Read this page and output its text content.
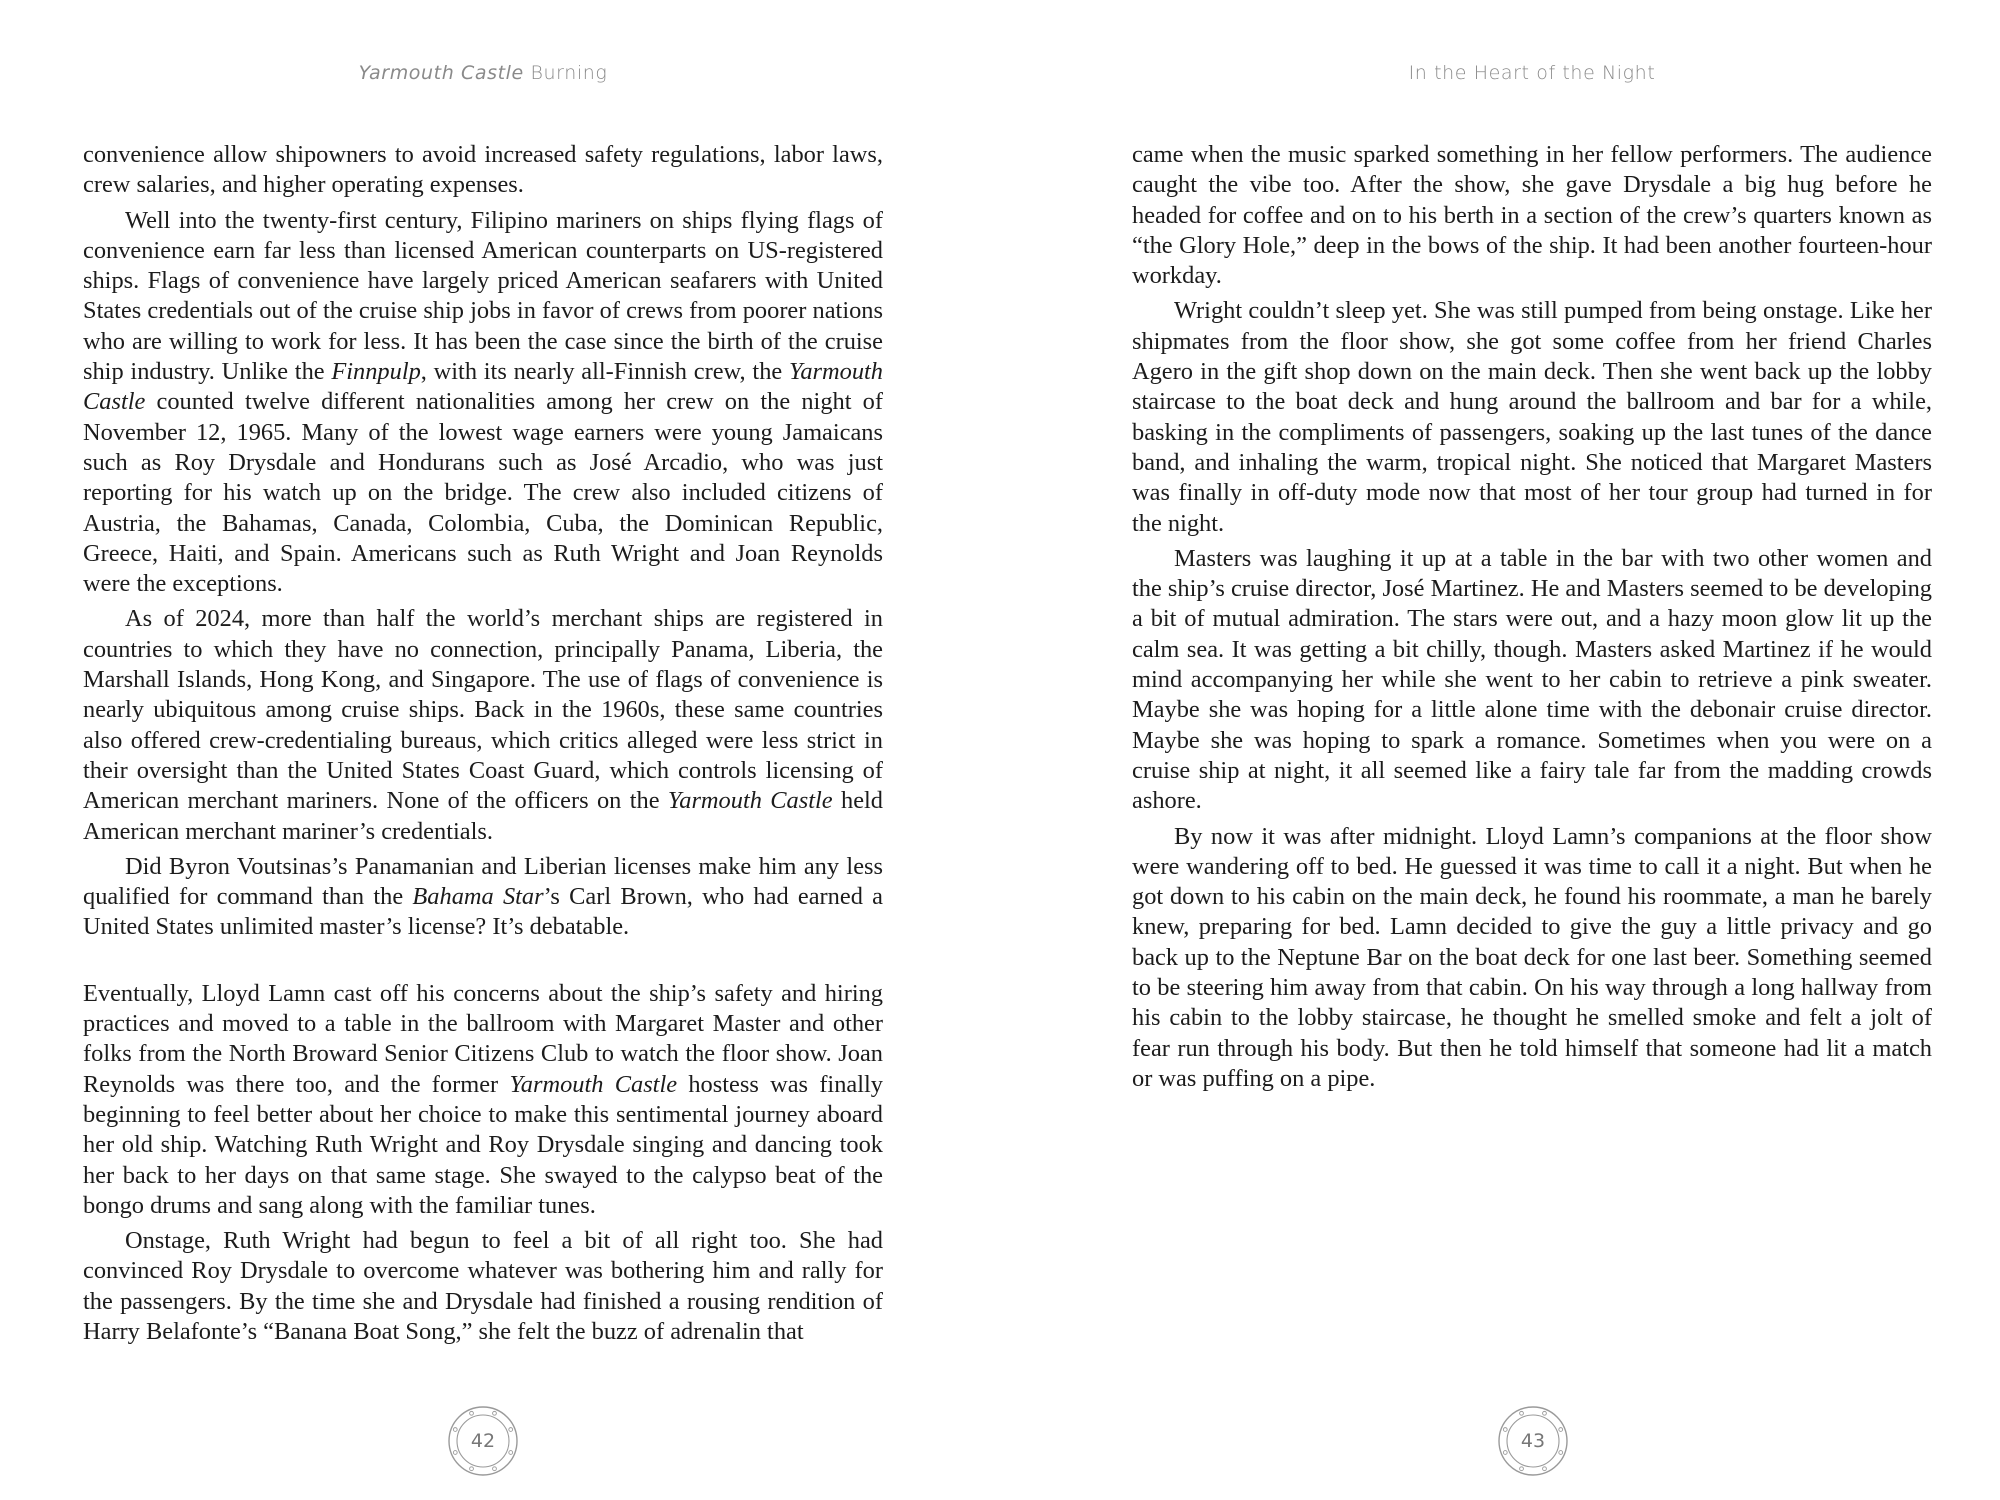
Yarmouth Castle Burning

convenience allow shipowners to avoid increased safety regulations, labor laws, crew salaries, and higher operating expenses.

Well into the twenty-first century, Filipino mariners on ships flying flags of convenience earn far less than licensed American counterparts on US-registered ships. Flags of convenience have largely priced American seafarers with United States credentials out of the cruise ship jobs in favor of crews from poorer nations who are willing to work for less. It has been the case since the birth of the cruise ship industry. Unlike the Finnpulp, with its nearly all-Finnish crew, the Yarmouth Castle counted twelve different nationalities among her crew on the night of November 12, 1965. Many of the lowest wage earners were young Jamaicans such as Roy Drysdale and Hondurans such as José Arcadio, who was just reporting for his watch up on the bridge. The crew also included citizens of Austria, the Bahamas, Canada, Colombia, Cuba, the Dominican Republic, Greece, Haiti, and Spain. Americans such as Ruth Wright and Joan Reynolds were the exceptions.

As of 2024, more than half the world’s merchant ships are registered in countries to which they have no connection, principally Panama, Liberia, the Marshall Islands, Hong Kong, and Singapore. The use of flags of convenience is nearly ubiquitous among cruise ships. Back in the 1960s, these same countries also offered crew-credentialing bureaus, which critics alleged were less strict in their oversight than the United States Coast Guard, which controls licensing of American merchant mariners. None of the officers on the Yarmouth Castle held American merchant mariner’s credentials.

Did Byron Voutsinas’s Panamanian and Liberian licenses make him any less qualified for command than the Bahama Star’s Carl Brown, who had earned a United States unlimited master’s license? It’s debatable.

Eventually, Lloyd Lamn cast off his concerns about the ship’s safety and hiring practices and moved to a table in the ballroom with Margaret Master and other folks from the North Broward Senior Citizens Club to watch the floor show. Joan Reynolds was there too, and the former Yarmouth Castle hostess was finally beginning to feel better about her choice to make this sentimental journey aboard her old ship. Watching Ruth Wright and Roy Drysdale singing and dancing took her back to her days on that same stage. She swayed to the calypso beat of the bongo drums and sang along with the familiar tunes.

Onstage, Ruth Wright had begun to feel a bit of all right too. She had convinced Roy Drysdale to overcome whatever was bothering him and rally for the passengers. By the time she and Drysdale had finished a rousing rendition of Harry Belafonte’s “Banana Boat Song,” she felt the buzz of adrenalin that

42
In the Heart of the Night

came when the music sparked something in her fellow performers. The audience caught the vibe too. After the show, she gave Drysdale a big hug before he headed for coffee and on to his berth in a section of the crew’s quarters known as “the Glory Hole,” deep in the bows of the ship. It had been another fourteen-hour workday.

Wright couldn’t sleep yet. She was still pumped from being onstage. Like her shipmates from the floor show, she got some coffee from her friend Charles Agero in the gift shop down on the main deck. Then she went back up the lobby staircase to the boat deck and hung around the ballroom and bar for a while, basking in the compliments of passengers, soaking up the last tunes of the dance band, and inhaling the warm, tropical night. She noticed that Margaret Masters was finally in off-duty mode now that most of her tour group had turned in for the night.

Masters was laughing it up at a table in the bar with two other women and the ship’s cruise director, José Martinez. He and Masters seemed to be developing a bit of mutual admiration. The stars were out, and a hazy moon glow lit up the calm sea. It was getting a bit chilly, though. Masters asked Martinez if he would mind accompanying her while she went to her cabin to retrieve a pink sweater. Maybe she was hoping for a little alone time with the debonair cruise director. Maybe she was hoping to spark a romance. Sometimes when you were on a cruise ship at night, it all seemed like a fairy tale far from the madding crowds ashore.

By now it was after midnight. Lloyd Lamn’s companions at the floor show were wandering off to bed. He guessed it was time to call it a night. But when he got down to his cabin on the main deck, he found his roommate, a man he barely knew, preparing for bed. Lamn decided to give the guy a little privacy and go back up to the Neptune Bar on the boat deck for one last beer. Something seemed to be steering him away from that cabin. On his way through a long hallway from his cabin to the lobby staircase, he thought he smelled smoke and felt a jolt of fear run through his body. But then he told himself that someone had lit a match or was puffing on a pipe.

43
